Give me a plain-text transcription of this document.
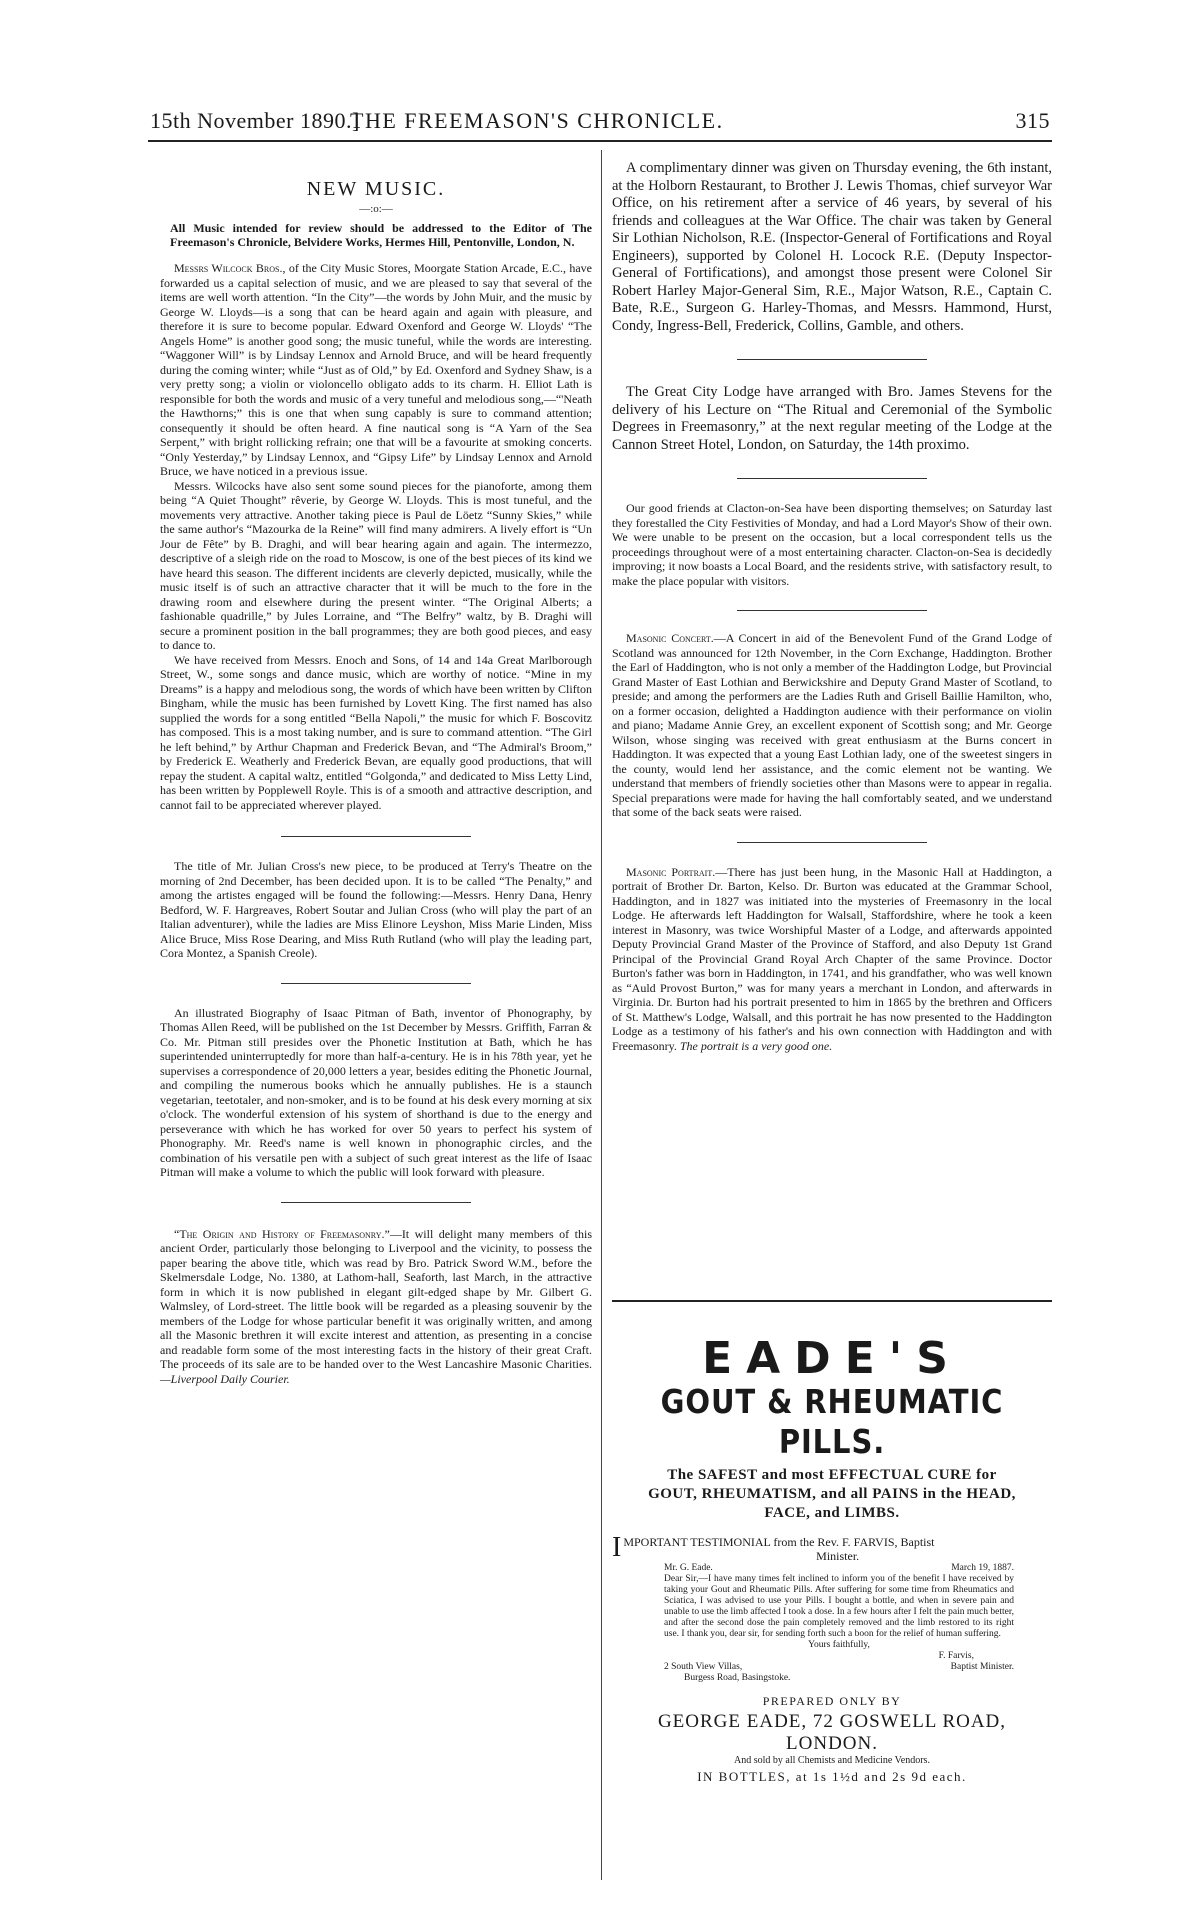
15th November 1890.]
THE FREEMASON'S CHRONICLE.	315

NEW MUSIC.

—:o:—

All Music intended for review should be addressed to the Editor of The Freemason's Chronicle, Belvidere Works, Hermes Hill, Pentonville, London, N.

Messrs Wilcock Bros., of the City Music Stores, Moorgate Station Arcade, E.C., have forwarded us a capital selection of music, and we are pleased to say that several of the items are well worth attention. “In the City”—the words by John Muir, and the music by George W. Lloyds—is a song that can be heard again and again with pleasure, and therefore it is sure to become popular. Edward Oxenford and George W. Lloyds' “The Angels Home” is another good song; the music tuneful, while the words are interesting. “Waggoner Will” is by Lindsay Lennox and Arnold Bruce, and will be heard frequently during the coming winter; while “Just as of Old,” by Ed. Oxenford and Sydney Shaw, is a very pretty song; a violin or violoncello obligato adds to its charm. H. Elliot Lath is responsible for both the words and music of a very tuneful and melodious song,—“'Neath the Hawthorns;” this is one that when sung capably is sure to command attention; consequently it should be often heard. A fine nautical song is “A Yarn of the Sea Serpent,” with bright rollicking refrain; one that will be a favourite at smoking concerts. “Only Yesterday,” by Lindsay Lennox, and “Gipsy Life” by Lindsay Lennox and Arnold Bruce, we have noticed in a previous issue.

Messrs. Wilcocks have also sent some sound pieces for the pianoforte, among them being “A Quiet Thought” rêverie, by George W. Lloyds. This is most tuneful, and the movements very attractive. Another taking piece is Paul de Löetz “Sunny Skies,” while the same author's “Mazourka de la Reine” will find many admirers. A lively effort is “Un Jour de Fête” by B. Draghi, and will bear hearing again and again. The intermezzo, descriptive of a sleigh ride on the road to Moscow, is one of the best pieces of its kind we have heard this season. The different incidents are cleverly depicted, musically, while the music itself is of such an attractive character that it will be much to the fore in the drawing room and elsewhere during the present winter. “The Original Alberts; a fashionable quadrille,” by Jules Lorraine, and “The Belfry” waltz, by B. Draghi will secure a prominent position in the ball programmes; they are both good pieces, and easy to dance to.

We have received from Messrs. Enoch and Sons, of 14 and 14a Great Marlborough Street, W., some songs and dance music, which are worthy of notice. “Mine in my Dreams” is a happy and melodious song, the words of which have been written by Clifton Bingham, while the music has been furnished by Lovett King. The first named has also supplied the words for a song entitled “Bella Napoli,” the music for which F. Boscovitz has composed. This is a most taking number, and is sure to command attention. “The Girl he left behind,” by Arthur Chapman and Frederick Bevan, and “The Admiral's Broom,” by Frederick E. Weatherly and Frederick Bevan, are equally good productions, that will repay the student. A capital waltz, entitled “Golgonda,” and dedicated to Miss Letty Lind, has been written by Popplewell Royle. This is of a smooth and attractive description, and cannot fail to be appreciated wherever played.

The title of Mr. Julian Cross's new piece, to be produced at Terry's Theatre on the morning of 2nd December, has been decided upon. It is to be called “The Penalty,” and among the artistes engaged will be found the following:—Messrs. Henry Dana, Henry Bedford, W. F. Hargreaves, Robert Soutar and Julian Cross (who will play the part of an Italian adventurer), while the ladies are Miss Elinore Leyshon, Miss Marie Linden, Miss Alice Bruce, Miss Rose Dearing, and Miss Ruth Rutland (who will play the leading part, Cora Montez, a Spanish Creole).

An illustrated Biography of Isaac Pitman of Bath, inventor of Phonography, by Thomas Allen Reed, will be published on the 1st December by Messrs. Griffith, Farran & Co. Mr. Pitman still presides over the Phonetic Institution at Bath, which he has superintended uninterruptedly for more than half-a-century. He is in his 78th year, yet he supervises a correspondence of 20,000 letters a year, besides editing the Phonetic Journal, and compiling the numerous books which he annually publishes. He is a staunch vegetarian, teetotaler, and non-smoker, and is to be found at his desk every morning at six o'clock. The wonderful extension of his system of shorthand is due to the energy and perseverance with which he has worked for over 50 years to perfect his system of Phonography. Mr. Reed's name is well known in phonographic circles, and the combination of his versatile pen with a subject of such great interest as the life of Isaac Pitman will make a volume to which the public will look forward with pleasure.

“The Origin and History of Freemasonry.”—It will delight many members of this ancient Order, particularly those belonging to Liverpool and the vicinity, to possess the paper bearing the above title, which was read by Bro. Patrick Sword W.M., before the Skelmersdale Lodge, No. 1380, at Lathom-hall, Seaforth, last March, in the attractive form in which it is now published in elegant gilt-edged shape by Mr. Gilbert G. Walmsley, of Lord-street. The little book will be regarded as a pleasing souvenir by the members of the Lodge for whose particular benefit it was originally written, and among all the Masonic brethren it will excite interest and attention, as presenting in a concise and readable form some of the most interesting facts in the history of their great Craft. The proceeds of its sale are to be handed over to the West Lancashire Masonic Charities.—Liverpool Daily Courier.

A complimentary dinner was given on Thursday evening, the 6th instant, at the Holborn Restaurant, to Brother J. Lewis Thomas, chief surveyor War Office, on his retirement after a service of 46 years, by several of his friends and colleagues at the War Office. The chair was taken by General Sir Lothian Nicholson, R.E. (Inspector-General of Fortifications and Royal Engineers), supported by Colonel H. Locock R.E. (Deputy Inspector-General of Fortifications), and amongst those present were Colonel Sir Robert Harley Major-General Sim, R.E., Major Watson, R.E., Captain C. Bate, R.E., Surgeon G. Harley-Thomas, and Messrs. Hammond, Hurst, Condy, Ingress-Bell, Frederick, Collins, Gamble, and others.

The Great City Lodge have arranged with Bro. James Stevens for the delivery of his Lecture on “The Ritual and Ceremonial of the Symbolic Degrees in Freemasonry,” at the next regular meeting of the Lodge at the Cannon Street Hotel, London, on Saturday, the 14th proximo.

Our good friends at Clacton-on-Sea have been disporting themselves; on Saturday last they forestalled the City Festivities of Monday, and had a Lord Mayor's Show of their own. We were unable to be present on the occasion, but a local correspondent tells us the proceedings throughout were of a most entertaining character. Clacton-on-Sea is decidedly improving; it now boasts a Local Board, and the residents strive, with satisfactory result, to make the place popular with visitors.

Masonic Concert.—A Concert in aid of the Benevolent Fund of the Grand Lodge of Scotland was announced for 12th November, in the Corn Exchange, Haddington. Brother the Earl of Haddington, who is not only a member of the Haddington Lodge, but Provincial Grand Master of East Lothian and Berwickshire and Deputy Grand Master of Scotland, to preside; and among the performers are the Ladies Ruth and Grisell Baillie Hamilton, who, on a former occasion, delighted a Haddington audience with their performance on violin and piano; Madame Annie Grey, an excellent exponent of Scottish song; and Mr. George Wilson, whose singing was received with great enthusiasm at the Burns concert in Haddington. It was expected that a young East Lothian lady, one of the sweetest singers in the county, would lend her assistance, and the comic element not be wanting. We understand that members of friendly societies other than Masons were to appear in regalia. Special preparations were made for having the hall comfortably seated, and we understand that some of the back seats were raised.

Masonic Portrait.—There has just been hung, in the Masonic Hall at Haddington, a portrait of Brother Dr. Barton, Kelso. Dr. Burton was educated at the Grammar School, Haddington, and in 1827 was initiated into the mysteries of Freemasonry in the local Lodge. He afterwards left Haddington for Walsall, Staffordshire, where he took a keen interest in Masonry, was twice Worshipful Master of a Lodge, and afterwards appointed Deputy Provincial Grand Master of the Province of Stafford, and also Deputy 1st Grand Principal of the Provincial Grand Royal Arch Chapter of the same Province. Doctor Burton's father was born in Haddington, in 1741, and his grandfather, who was well known as “Auld Provost Burton,” was for many years a merchant in London, and afterwards in Virginia. Dr. Burton had his portrait presented to him in 1865 by the brethren and Officers of St. Matthew's Lodge, Walsall, and this portrait he has now presented to the Haddington Lodge as a testimony of his father's and his own connection with Haddington and with Freemasonry. The portrait is a very good one.

EADE'S
GOUT & RHEUMATIC PILLS.
The SAFEST and most EFFECTUAL CURE for
GOUT, RHEUMATISM, and all PAINS in the HEAD,
FACE, and LIMBS.
IMPORTANT TESTIMONIAL from the Rev. F. FARVIS, Baptist
Minister.
Mr. G. Eade.	March 19, 1887.
Dear Sir,—I have many times felt inclined to inform you of the benefit I have received by taking your Gout and Rheumatic Pills. After suffering for some time from Rheumatics and Sciatica, I was advised to use your Pills. I bought a bottle, and when in severe pain and unable to use the limb affected I took a dose. In a few hours after I felt the pain much better, and after the second dose the pain completely removed and the limb restored to its right use. I thank you, dear sir, for sending forth such a boon for the relief of human suffering.
Yours faithfully,
F. Farvis,
2 South View Villas,	Baptist Minister.
Burgess Road, Basingstoke.
PREPARED ONLY BY
GEORGE EADE, 72 GOSWELL ROAD, LONDON.
And sold by all Chemists and Medicine Vendors.
IN BOTTLES, at 1s 1½d and 2s 9d each.
